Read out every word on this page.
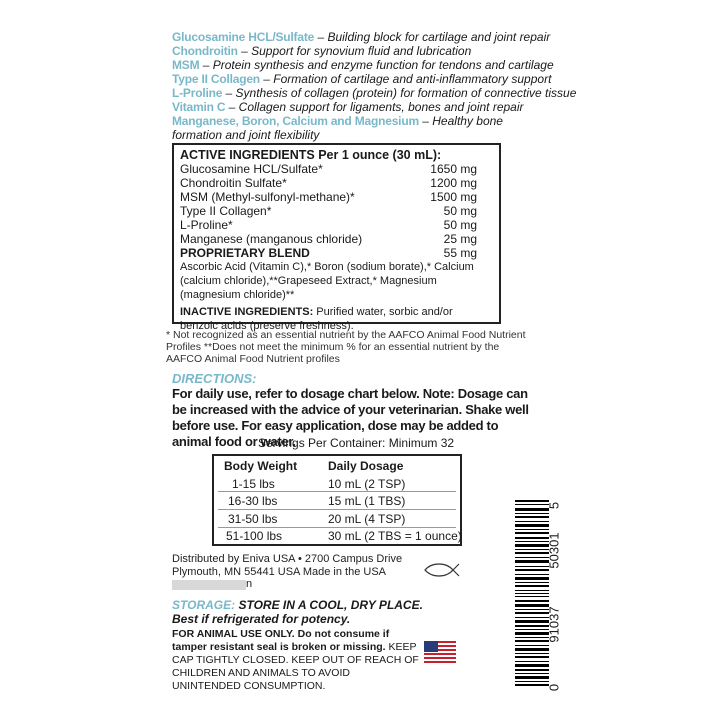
Glucosamine HCL/Sulfate – Building block for cartilage and joint repair
Chondroitin – Support for synovium fluid and lubrication
MSM – Protein synthesis and enzyme function for tendons and cartilage
Type II Collagen – Formation of cartilage and anti-inflammatory support
L-Proline – Synthesis of collagen (protein) for formation of connective tissue
Vitamin C – Collagen support for ligaments, bones and joint repair
Manganese, Boron, Calcium and Magnesium – Healthy bone formation and joint flexibility
ACTIVE INGREDIENTS Per 1 ounce (30 mL):
Glucosamine HCL/Sulfate*	1650 mg
Chondroitin Sulfate*	1200 mg
MSM (Methyl-sulfonyl-methane)*	1500 mg
Type II Collagen*	50 mg
L-Proline*	50 mg
Manganese (manganous chloride)	25 mg
PROPRIETARY BLEND	55 mg
Ascorbic Acid (Vitamin C),* Boron (sodium borate),* Calcium (calcium chloride),**Grapeseed Extract,* Magnesium (magnesium chloride)**
INACTIVE INGREDIENTS: Purified water, sorbic and/or benzoic acids (preserve freshness).
* Not recognized as an essential nutrient by the AAFCO Animal Food Nutrient Profiles **Does not meet the minimum % for an essential nutrient by the AAFCO Animal Food Nutrient profiles
DIRECTIONS:
For daily use, refer to dosage chart below. Note: Dosage can be increased with the advice of your veterinarian. Shake well before use. For easy application, dose may be added to animal food or water.
Servings Per Container: Minimum 32
Body Weight	Daily Dosage
1-15 lbs	10 mL (2 TSP)
16-30 lbs	15 mL (1 TBS)
31-50 lbs	20 mL (4 TSP)
51-100 lbs	30 mL (2 TBS = 1 ounce)
Distributed by Eniva USA • 2700 Campus Drive
Plymouth, MN 55441 USA Made in the USA
n
STORAGE: STORE IN A COOL, DRY PLACE.
Best if refrigerated for potency.
FOR ANIMAL USE ONLY. Do not consume if tamper resistant seal is broken or missing. KEEP CAP TIGHTLY CLOSED. KEEP OUT OF REACH OF CHILDREN AND ANIMALS TO AVOID UNINTENDED CONSUMPTION.	0
91037
50301
5
